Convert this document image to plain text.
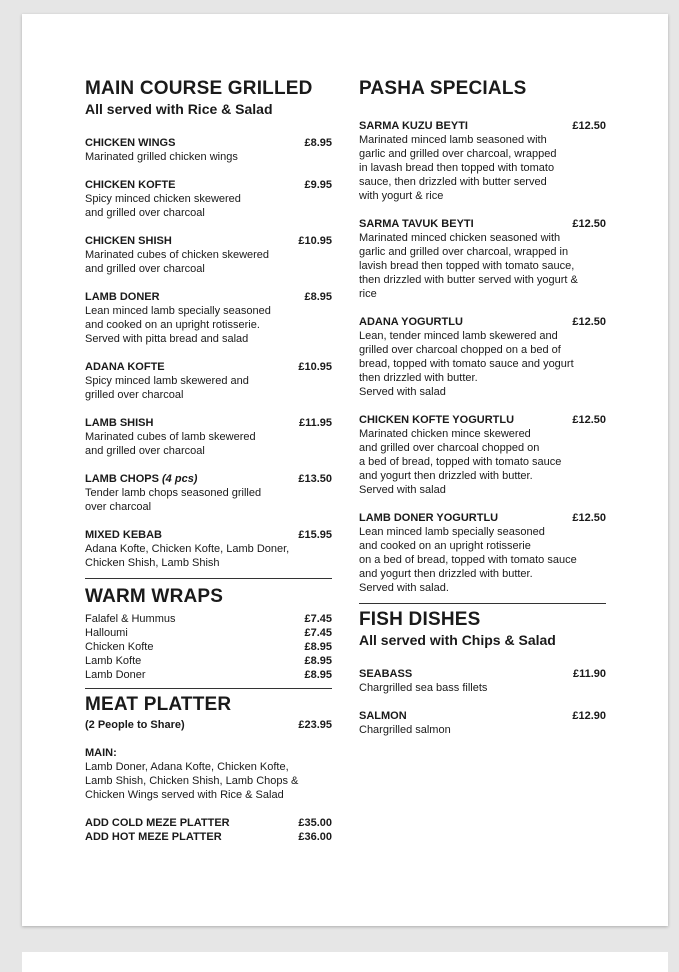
MAIN COURSE GRILLED
All served with Rice & Salad
CHICKEN WINGS	£8.95
Marinated grilled chicken wings
CHICKEN KOFTE	£9.95
Spicy minced chicken skewered
and grilled over charcoal
CHICKEN SHISH	£10.95
Marinated cubes of chicken skewered
and grilled over charcoal
LAMB DONER	£8.95
Lean minced lamb specially seasoned
and cooked on an upright rotisserie.
Served with pitta bread and salad
ADANA KOFTE	£10.95
Spicy minced lamb skewered and
grilled over charcoal
LAMB SHISH	£11.95
Marinated cubes of lamb skewered
and grilled over charcoal
LAMB CHOPS (4 pcs)	£13.50
Tender lamb chops seasoned grilled
over charcoal
MIXED KEBAB	£15.95
Adana Kofte, Chicken Kofte, Lamb Doner,
Chicken Shish, Lamb Shish
WARM WRAPS
Falafel & Hummus	£7.45
Halloumi	£7.45
Chicken Kofte	£8.95
Lamb Kofte	£8.95
Lamb Doner	£8.95
MEAT PLATTER
(2 People to Share)	£23.95
MAIN:
Lamb Doner, Adana Kofte, Chicken Kofte,
Lamb Shish, Chicken Shish, Lamb Chops &
Chicken Wings served with Rice & Salad
ADD COLD MEZE PLATTER	£35.00
ADD HOT MEZE PLATTER	£36.00
PASHA SPECIALS
SARMA KUZU BEYTI	£12.50
Marinated minced lamb seasoned with
garlic and grilled over charcoal, wrapped
in lavash bread then topped with tomato
sauce, then drizzled with butter served
with yogurt & rice
SARMA TAVUK BEYTI	£12.50
Marinated minced chicken seasoned with
garlic and grilled over charcoal, wrapped in
lavish bread then topped with tomato sauce,
then drizzled with butter served with yogurt &
rice
ADANA YOGURTLU	£12.50
Lean, tender minced lamb skewered and
grilled over charcoal chopped on a bed of
bread, topped with tomato sauce and yogurt
then drizzled with butter.
Served with salad
CHICKEN KOFTE YOGURTLU	£12.50
Marinated chicken mince skewered
and grilled over charcoal chopped on
a bed of bread, topped with tomato sauce
and yogurt then drizzled with butter.
Served with salad
LAMB DONER YOGURTLU	£12.50
Lean minced lamb specially seasoned
and cooked on an upright rotisserie
on a bed of bread, topped with tomato sauce
and yogurt then drizzled with butter.
Served with salad.
FISH DISHES
All served with Chips & Salad
SEABASS	£11.90
Chargrilled sea bass fillets
SALMON	£12.90
Chargrilled salmon
